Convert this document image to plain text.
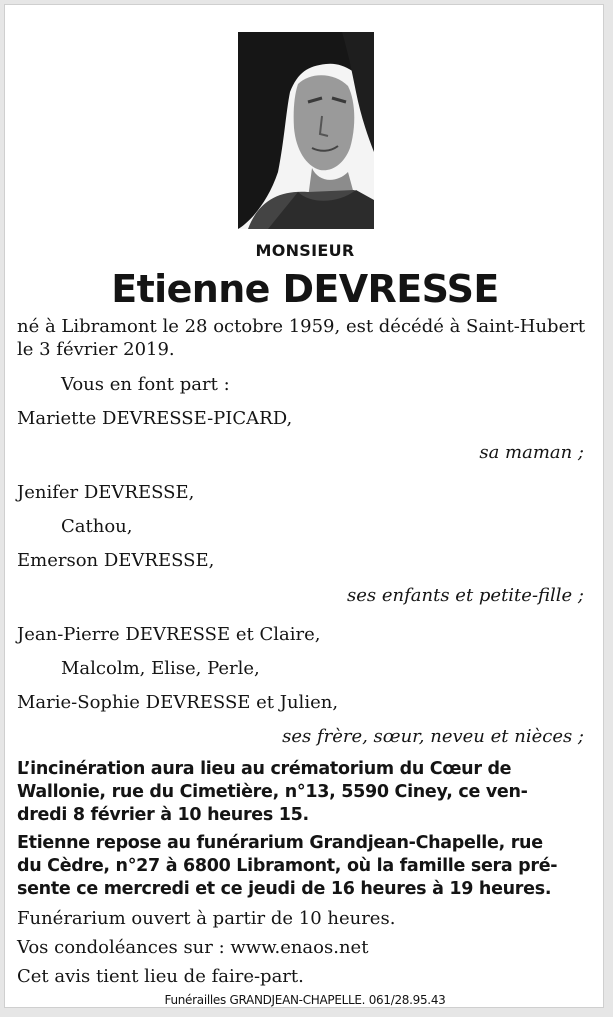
MONSIEUR
Etienne DEVRESSE
né à Libramont le 28 octobre 1959, est décédé à Saint-Hubert
le 3 février 2019.
Vous en font part :
Mariette DEVRESSE-PICARD,
sa maman ;
Jenifer DEVRESSE,
Cathou,
Emerson DEVRESSE,
ses enfants et petite-fille ;
Jean-Pierre DEVRESSE et Claire,
Malcolm, Elise, Perle,
Marie-Sophie DEVRESSE et Julien,
ses frère, sœur, neveu et nièces ;
L’incinération aura lieu au crématorium du Cœur de
Wallonie, rue du Cimetière, n°13, 5590 Ciney, ce ven-
dredi 8 février à 10 heures 15.
Etienne repose au funérarium Grandjean-Chapelle, rue
du Cèdre, n°27 à 6800 Libramont, où la famille sera pré-
sente ce mercredi et ce jeudi de 16 heures à 19 heures.
Funérarium ouvert à partir de 10 heures.
Vos condoléances sur : www.enaos.net
Cet avis tient lieu de faire-part.
Funérailles GRANDJEAN-CHAPELLE. 061/28.95.43
